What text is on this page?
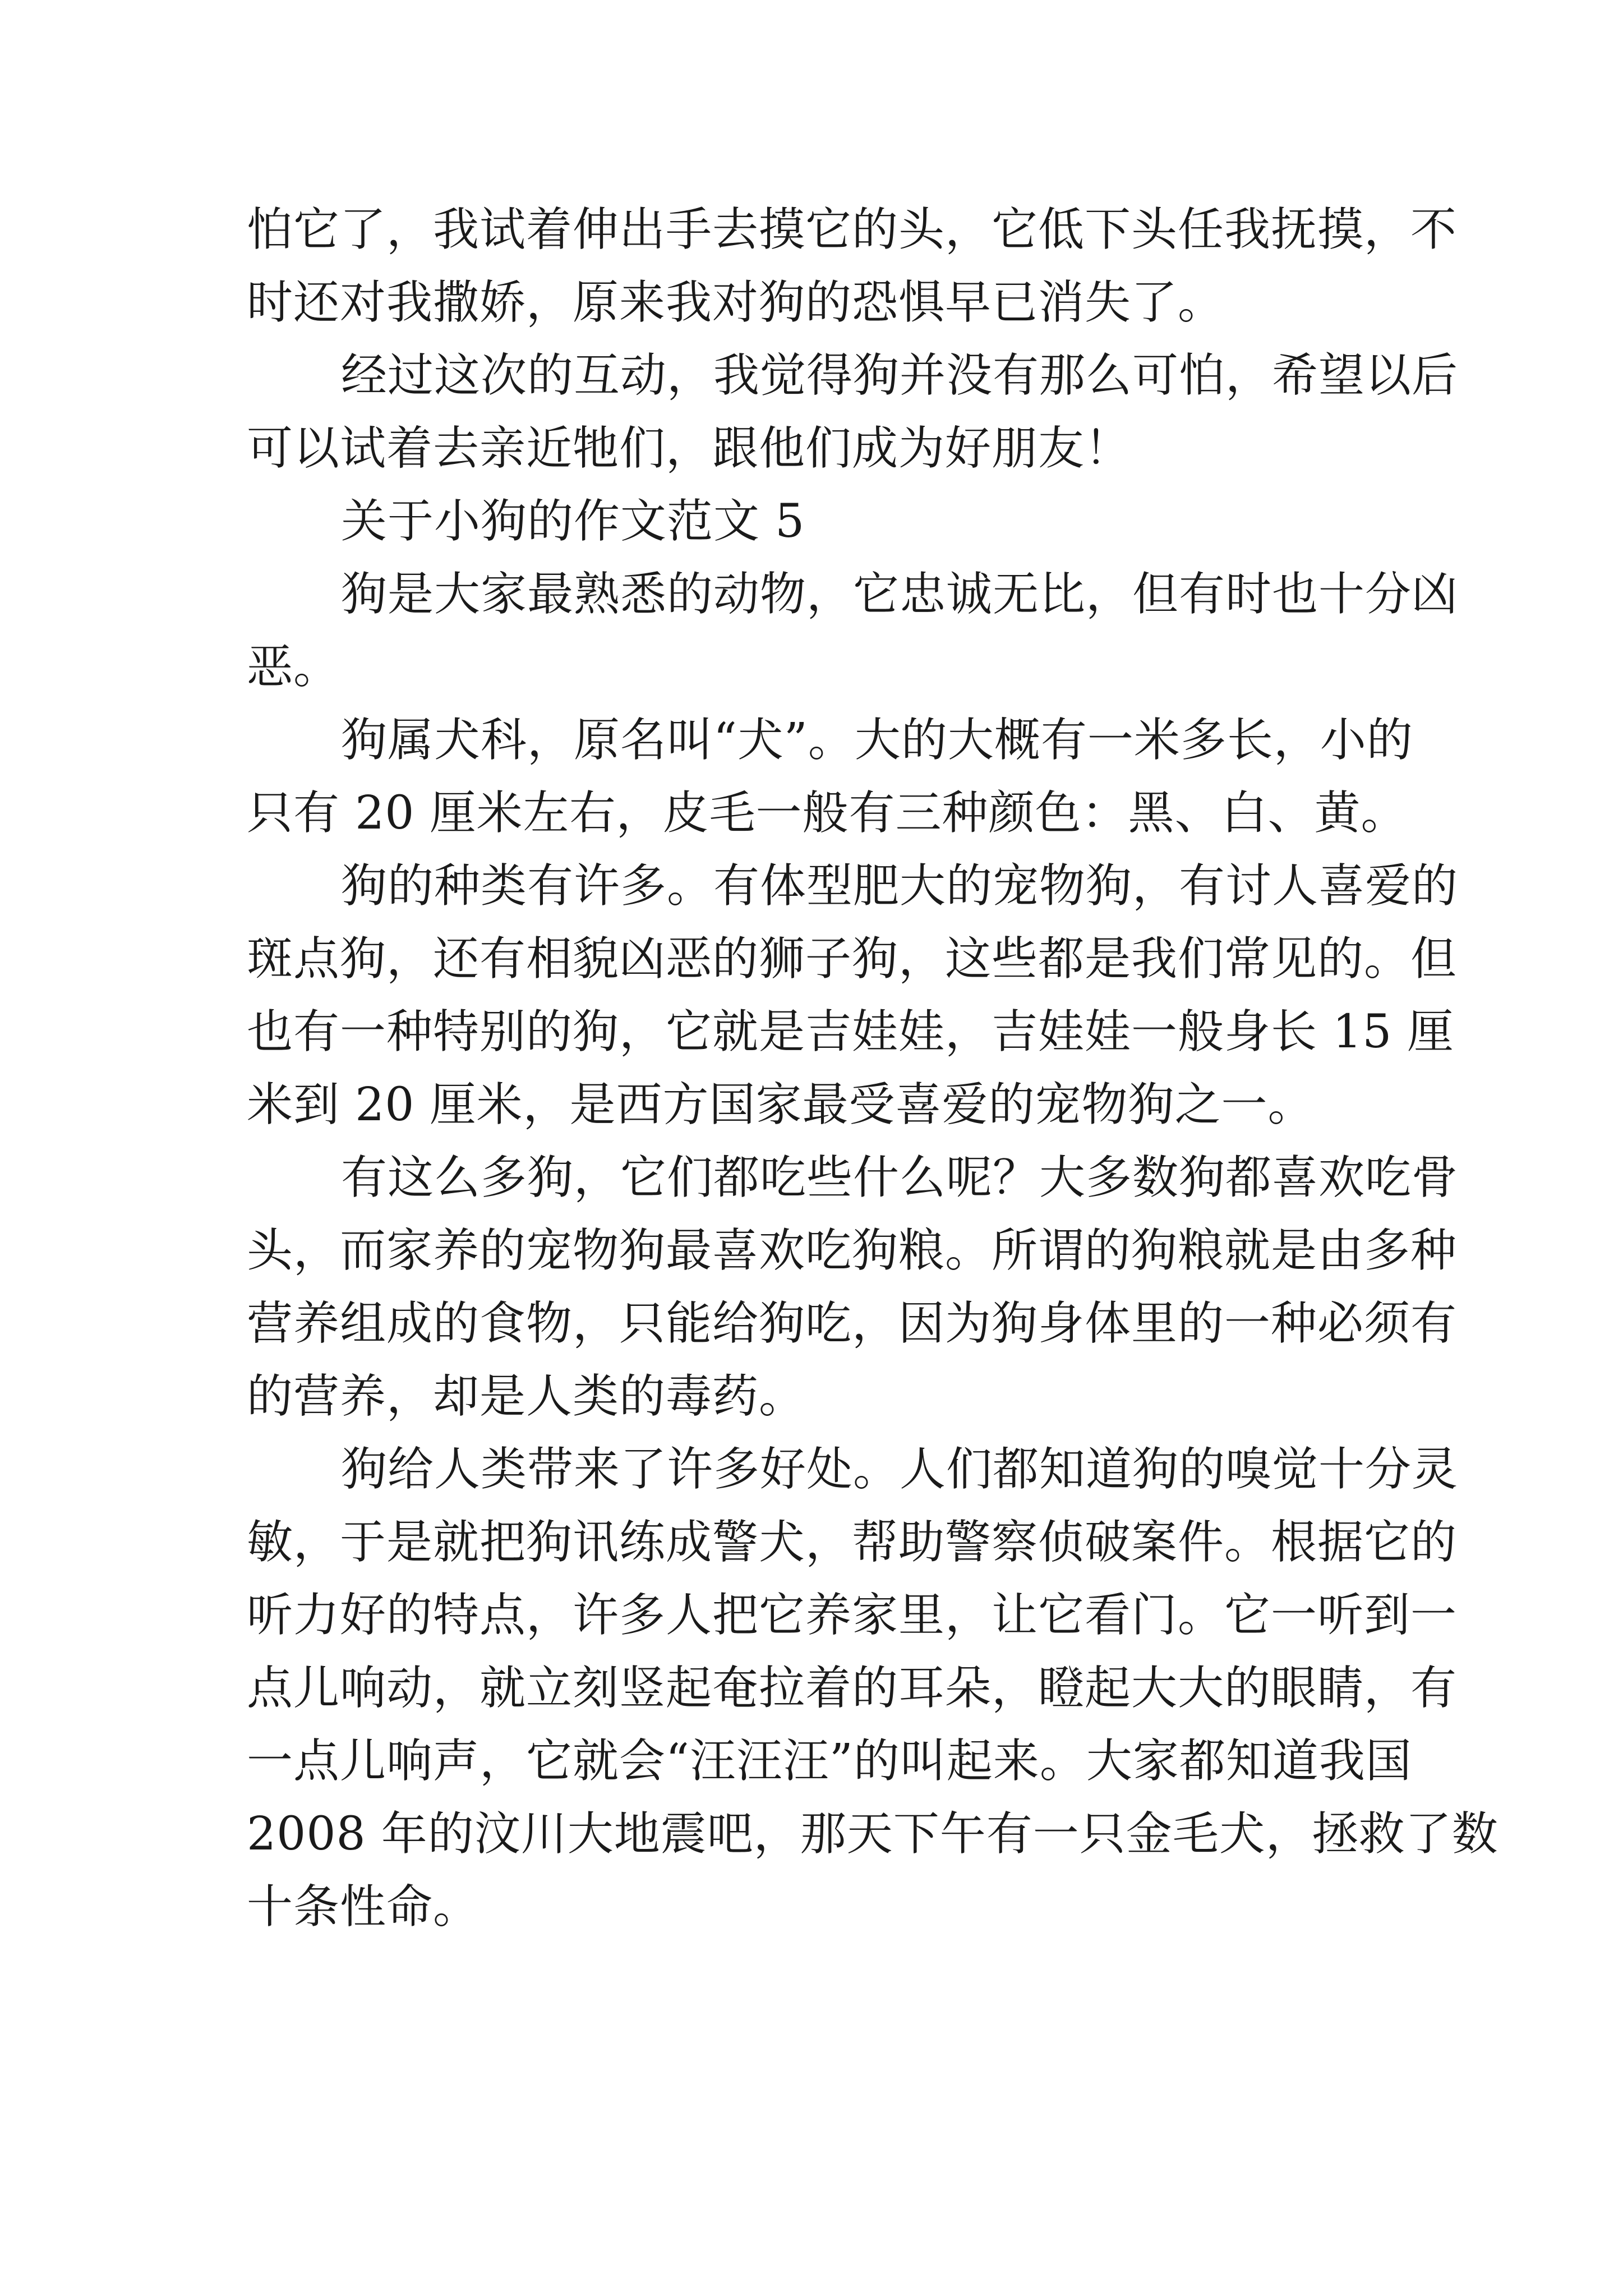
怕它了，我试着伸出手去摸它的头，它低下头任我抚摸，不
时还对我撒娇，原来我对狗的恐惧早已消失了。
经过这次的互动，我觉得狗并没有那么可怕，希望以后
可以试着去亲近牠们，跟他们成为好朋友！
关于小狗的作文范文 5
狗是大家最熟悉的动物，它忠诚无比，但有时也十分凶
恶。
狗属犬科，原名叫“犬”。大的大概有一米多长，小的
只有 20 厘米左右，皮毛一般有三种颜色：黑、白、黄。
狗的种类有许多。有体型肥大的宠物狗，有讨人喜爱的
斑点狗，还有相貌凶恶的狮子狗，这些都是我们常见的。但
也有一种特别的狗，它就是吉娃娃，吉娃娃一般身长 15 厘
米到 20 厘米，是西方国家最受喜爱的宠物狗之一。
有这么多狗，它们都吃些什么呢？大多数狗都喜欢吃骨
头，而家养的宠物狗最喜欢吃狗粮。所谓的狗粮就是由多种
营养组成的食物，只能给狗吃，因为狗身体里的一种必须有
的营养，却是人类的毒药。
狗给人类带来了许多好处。人们都知道狗的嗅觉十分灵
敏，于是就把狗讯练成警犬，帮助警察侦破案件。根据它的
听力好的特点，许多人把它养家里，让它看门。它一听到一
点儿响动，就立刻竖起奄拉着的耳朵，瞪起大大的眼睛，有
一点儿响声，它就会“汪汪汪”的叫起来。大家都知道我国
2008 年的汶川大地震吧，那天下午有一只金毛犬，拯救了数
十条性命。
